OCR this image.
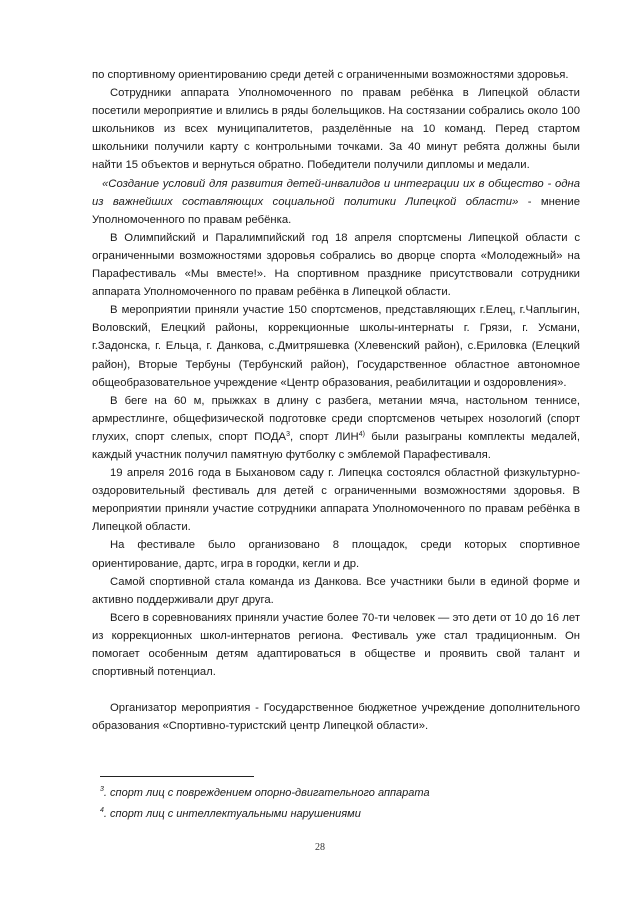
по спортивному ориентированию среди детей с ограниченными возможностями здоровья.

Сотрудники аппарата Уполномоченного по правам ребёнка в Липецкой области посетили мероприятие и влились в ряды болельщиков. На состязании собрались около 100 школьников из всех муниципалитетов, разделённые на 10 команд. Перед стартом школьники получили карту с контрольными точками. За 40 минут ребята должны были найти 15 объектов и вернуться обратно. Победители получили дипломы и медали.

«Создание условий для развития детей-инвалидов и интеграции их в общество - одна из важнейших составляющих социальной политики Липецкой области» - мнение Уполномоченного по правам ребёнка.

В Олимпийский и Паралимпийский год 18 апреля спортсмены Липецкой области с ограниченными возможностями здоровья собрались во дворце спорта «Молодежный» на Парафестиваль «Мы вместе!». На спортивном празднике присутствовали сотрудники аппарата Уполномоченного по правам ребёнка в Липецкой области.

В мероприятии приняли участие 150 спортсменов, представляющих г.Елец, г.Чаплыгин, Воловский, Елецкий районы, коррекционные школы-интернаты г. Грязи, г. Усмани, г.Задонска, г. Ельца, г. Данкова, с.Дмитряшевка (Хлевенский район), с.Ериловка (Елецкий район), Вторые Тербуны (Тербунский район), Государственное областное автономное общеобразовательное учреждение «Центр образования, реабилитации и оздоровления».

В беге на 60 м, прыжках в длину с разбега, метании мяча, настольном теннисе, армрестлинге, общефизической подготовке среди спортсменов четырех нозологий (спорт глухих, спорт слепых, спорт ПОДА$^3$, спорт ЛИН$^{4)}$ были разыграны комплекты медалей, каждый участник получил памятную футболку с эмблемой Парафестиваля.

19 апреля 2016 года в Быхановом саду г. Липецка состоялся областной физкультурно-оздоровительный фестиваль для детей с ограниченными возможностями здоровья. В мероприятии приняли участие сотрудники аппарата Уполномоченного по правам ребёнка в Липецкой области.

На фестивале было организовано 8 площадок, среди которых спортивное ориентирование, дартс, игра в городки, кегли и др.

Самой спортивной стала команда из Данкова. Все участники были в единой форме и активно поддерживали друг друга.

Всего в соревнованиях приняли участие более 70-ти человек — это дети от 10 до 16 лет из коррекционных школ-интернатов региона. Фестиваль уже стал традиционным. Он помогает особенным детям адаптироваться в обществе и проявить свой талант и спортивный потенциал.

Организатор мероприятия - Государственное бюджетное учреждение дополнительного образования «Спортивно-туристский центр Липецкой области».

$^3$. спорт лиц с повреждением опорно-двигательного аппарата
$^4$. спорт лиц с интеллектуальными нарушениями
28
